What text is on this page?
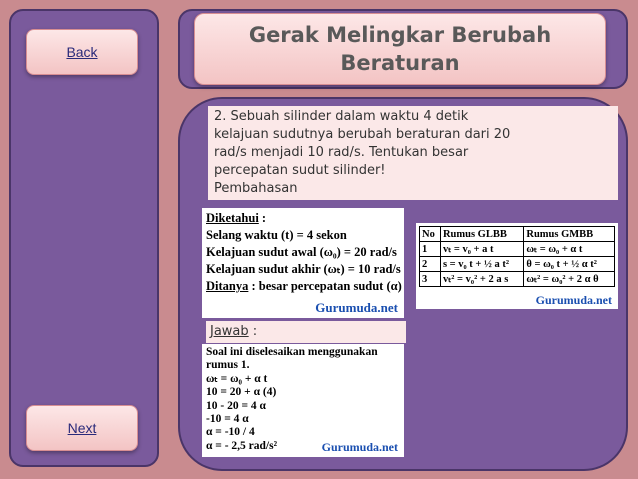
Back
Next
Gerak Melingkar Berubah
Beraturan

2. Sebuah silinder dalam waktu 4 detik

kelajuan sudutnya berubah beraturan dari 20

rad/s menjadi 10 rad/s. Tentukan besar

percepatan sudut silinder!

Pembahasan

Diketahui :
Selang waktu (t) = 4 sekon
Kelajuan sudut awal (ω₀) = 20 rad/s
Kelajuan sudut akhir (ωₜ) = 10 rad/s
Ditanya : besar percepatan sudut (α)
Gurumuda.net
No	Rumus GLBB	Rumus GMBB
1	vₜ = v₀ + a t	ωₜ = ω₀ + α t
2	s = v₀ t + ½ a t²	θ = ω₀ t + ½ α t²
3	vₜ² = v₀² + 2 a s	ωₜ² = ω₀² + 2 α θ
Gurumuda.net
Jawab :
Soal ini diselesaikan menggunakan rumus 1.
ωₜ = ω₀ + α t
10 = 20 + α (4)
10 - 20 = 4 α
-10 = 4 α
α = -10 / 4
α = - 2,5 rad/s²	Gurumuda.net
